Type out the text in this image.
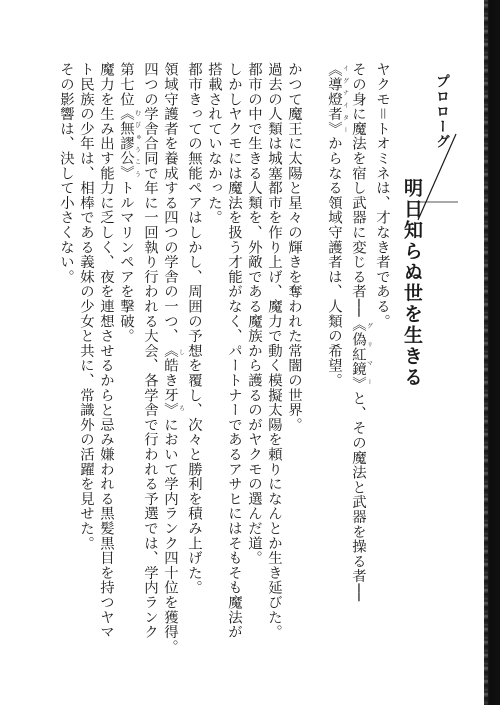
プロローグ
明日知らぬ世を生きる

ヤクモ＝トオミネは、才なき者である。

その身に魔法を宿し武器に変じる者──《偽紅鏡》 グリマーと、その魔法と武器を操る者──

《導燈者》 イグナイターからなる領域守護者は、人類の希望。

かつて魔王に太陽と星々の輝きを奪われた常闇の世界。

過去の人類は城塞都市を作り上げ、魔力で動く模擬太陽を頼りになんとか生き延びた。

都市の中で生きる人類を、外敵である魔族から護るのがヤクモの選んだ道。

しかしヤクモには魔法を扱う才能がなく、パートナーであるアサヒにはそもそも魔法が

搭載されていなかった。

都市きっての無能ペアはしかし、周囲の予想を覆し、次々と勝利を積み上げた。

領域守護者を養成する四つの学舎の一つ、《皓き牙》 しろにおいて学内ランク四十位を獲得。

四つの学舎合同で年に一回執り行われる大会、各学舎で行われる予選では、学内ランク

第七位《無謬公》 むびゅうこうトルマリンペアを撃破。

魔力を生み出す能力に乏しく、夜を連想させるからと忌み嫌われる黒髪黒目を持つヤマ

ト民族の少年は、相棒である義妹の少女と共に、常識外の活躍を見せた。

その影響は、決して小さくない。
